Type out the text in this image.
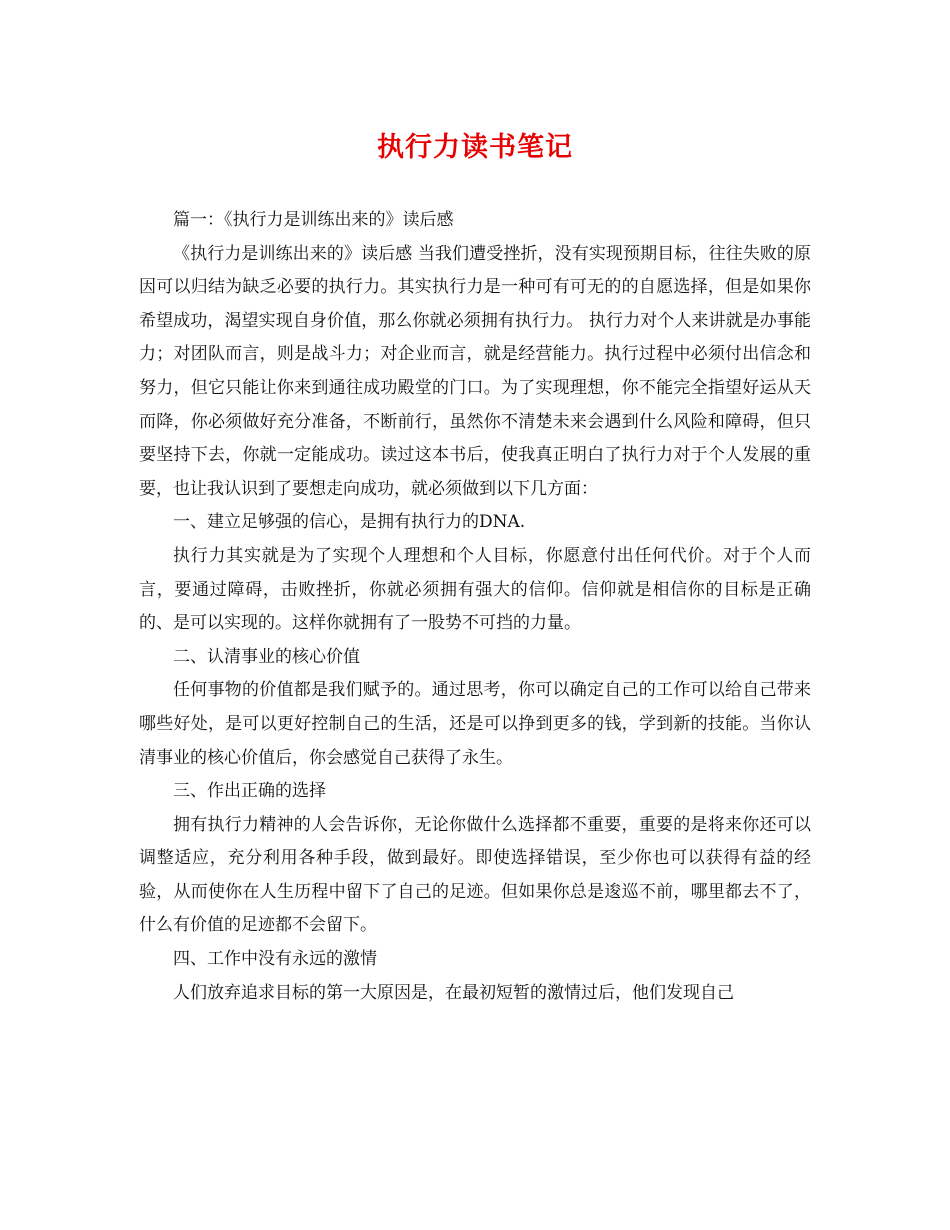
执行力读书笔记

篇一：《执行力是训练出来的》读后感

《执行力是训练出来的》读后感 当我们遭受挫折，没有实现预期目标，往往失败的原因可以归结为缺乏必要的执行力。其实执行力是一种可有可无的的自愿选择，但是如果你希望成功，渴望实现自身价值，那么你就必须拥有执行力。 执行力对个人来讲就是办事能力；对团队而言，则是战斗力；对企业而言，就是经营能力。执行过程中必须付出信念和努力，但它只能让你来到通往成功殿堂的门口。为了实现理想，你不能完全指望好运从天而降，你必须做好充分准备，不断前行，虽然你不清楚未来会遇到什么风险和障碍，但只要坚持下去，你就一定能成功。读过这本书后，使我真正明白了执行力对于个人发展的重要，也让我认识到了要想走向成功，就必须做到以下几方面：

一、建立足够强的信心，是拥有执行力的DNA.

执行力其实就是为了实现个人理想和个人目标，你愿意付出任何代价。对于个人而言，要通过障碍，击败挫折，你就必须拥有强大的信仰。信仰就是相信你的目标是正确的、是可以实现的。这样你就拥有了一股势不可挡的力量。

二、认清事业的核心价值

任何事物的价值都是我们赋予的。通过思考，你可以确定自己的工作可以给自己带来哪些好处，是可以更好控制自己的生活，还是可以挣到更多的钱，学到新的技能。当你认清事业的核心价值后，你会感觉自己获得了永生。

三、作出正确的选择

拥有执行力精神的人会告诉你，无论你做什么选择都不重要，重要的是将来你还可以调整适应，充分利用各种手段，做到最好。即使选择错误，至少你也可以获得有益的经验，从而使你在人生历程中留下了自己的足迹。但如果你总是逡巡不前，哪里都去不了，什么有价值的足迹都不会留下。

四、工作中没有永远的激情

人们放弃追求目标的第一大原因是，在最初短暂的激情过后，他们发现自己
